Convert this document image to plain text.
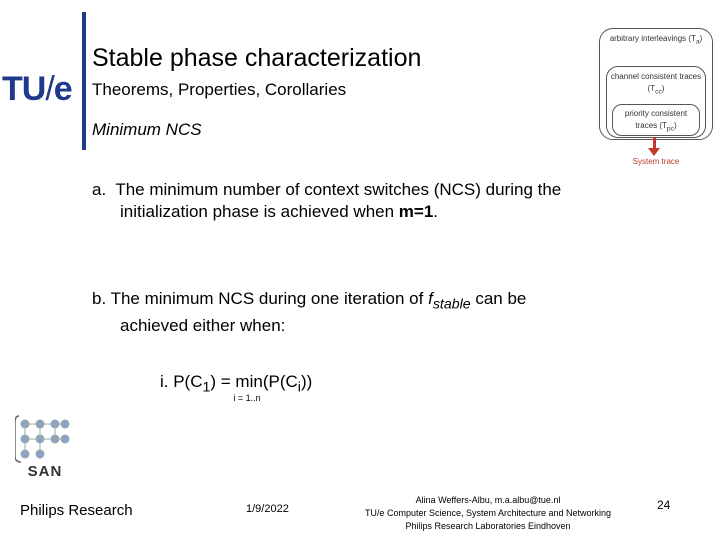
TU/e
Stable phase characterization
Theorems, Properties, Corollaries
Minimum NCS
arbitrary interleavings $(T_a)$
channel consistent traces $(T_{cc})$
priority consistent traces $(T_{pc})$
System trace
a.  The minimum number of context switches (NCS) during the
initialization phase is achieved when m=1.
b. The minimum NCS during one iteration of $f_{stable}$ can be
achieved either when:
i. $P(C_1) = \min$
i = 1..n
$(P(C_i))$
SAN
Philips Research	1/9/2022
Alina Weffers-Albu, m.a.albu@tue.nl
TU/e Computer Science, System Architecture and Networking
Philips Research Laboratories Eindhoven
24
